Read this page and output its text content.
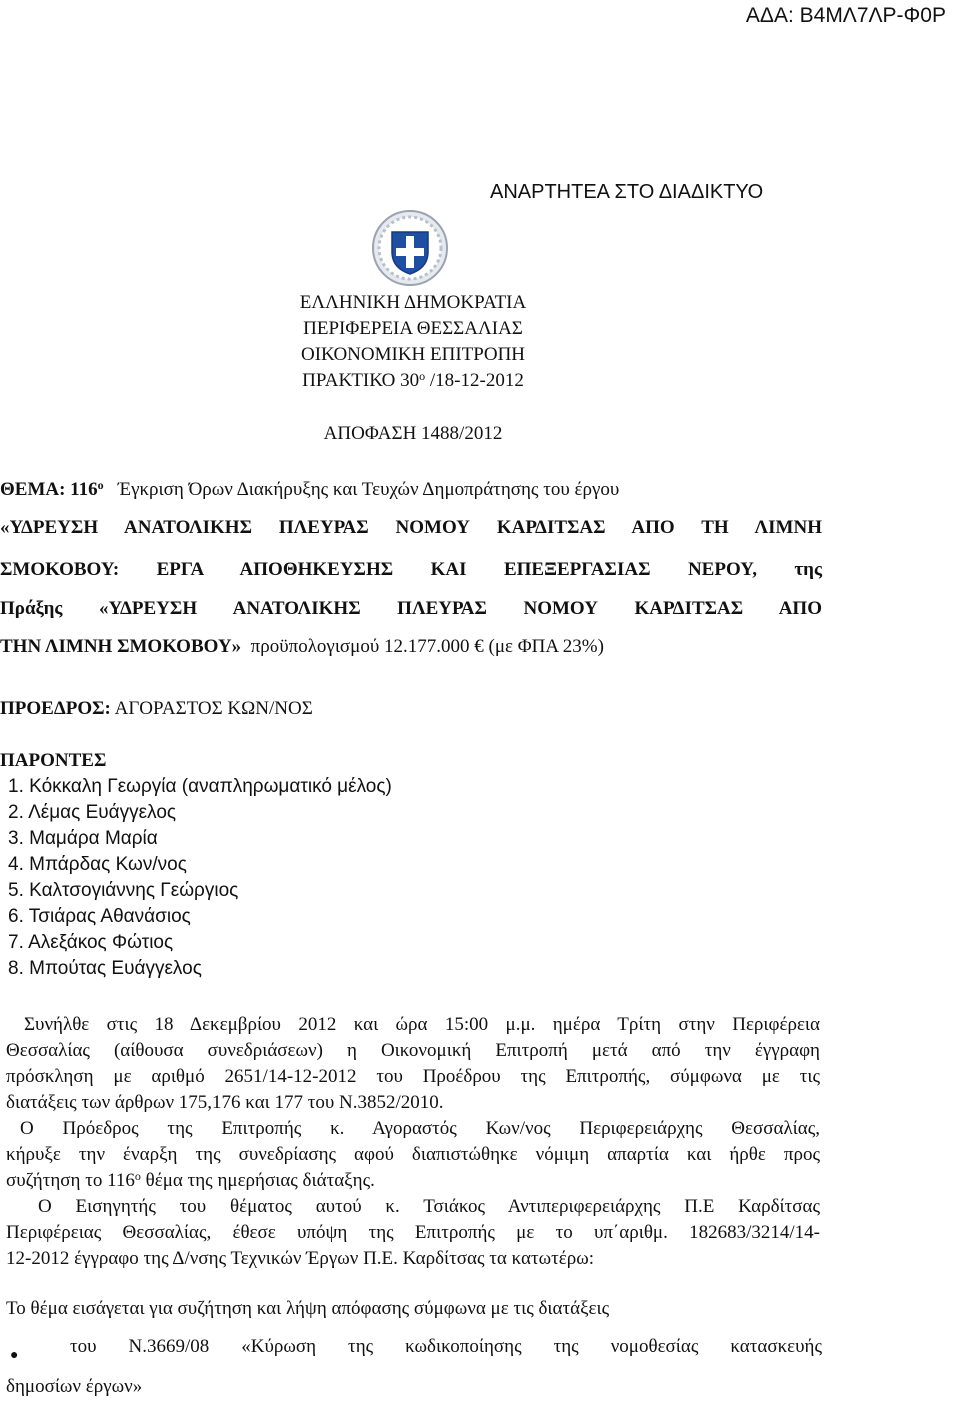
ΑΔΑ: Β4ΜΛ7ΛΡ-Φ0Ρ
ΑΝΑΡΤΗΤΕΑ ΣΤΟ ΔΙΑΔΙΚΤΥΟ
ΕΛΛΗΝΙΚΗ ΔΗΜΟΚΡΑΤΙΑ
ΠΕΡΙΦΕΡΕΙΑ ΘΕΣΣΑΛΙΑΣ
ΟΙΚΟΝΟΜΙΚΗ ΕΠΙΤΡΟΠΗ
ΠΡΑΚΤΙΚΟ $30^o$ /18-12-2012
ΑΠΟΦΑΣΗ 1488/2012
ΘΕΜΑ: $116^o$ Έγκριση Όρων Διακήρυξης και Τευχών Δημοπράτησης του έργου
«ΥΔΡΕΥΣΗ ΑΝΑΤΟΛΙΚΗΣ ΠΛΕΥΡΑΣ ΝΟΜΟΥ ΚΑΡΔΙΤΣΑΣ ΑΠΟ ΤΗ ΛΙΜΝΗ
ΣΜΟΚΟΒΟΥ: ΕΡΓΑ ΑΠΟΘΗΚΕΥΣΗΣ ΚΑΙ ΕΠΕΞΕΡΓΑΣΙΑΣ ΝΕΡΟΥ, της
Πράξης «ΥΔΡΕΥΣΗ ΑΝΑΤΟΛΙΚΗΣ ΠΛΕΥΡΑΣ ΝΟΜΟΥ ΚΑΡΔΙΤΣΑΣ ΑΠΟ
ΤΗΝ ΛΙΜΝΗ ΣΜΟΚΟΒΟΥ» προϋπολογισμού 12.177.000 € (με ΦΠΑ 23%)
ΠΡΟΕΔΡΟΣ: ΑΓΟΡΑΣΤΟΣ ΚΩΝ/ΝΟΣ
ΠΑΡΟΝΤΕΣ
1. Κόκκαλη Γεωργία (αναπληρωματικό μέλος)
2. Λέμας Ευάγγελος
3. Μαμάρα Μαρία
4. Μπάρδας Κων/νος
5. Καλτσογιάννης Γεώργιος
6. Τσιάρας Αθανάσιος
7. Αλεξάκος Φώτιος
8. Μπούτας Ευάγγελος
Συνήλθε στις 18 Δεκεμβρίου 2012 και ώρα 15:00 μ.μ. ημέρα Τρίτη στην Περιφέρεια
Θεσσαλίας (αίθουσα συνεδριάσεων) η Οικονομική Επιτροπή μετά από την έγγραφη
πρόσκληση με αριθμό 2651/14-12-2012 του Προέδρου της Επιτροπής, σύμφωνα με τις
διατάξεις των άρθρων 175,176 και 177 του Ν.3852/2010.
Ο Πρόεδρος της Επιτροπής κ. Αγοραστός Κων/νος Περιφερειάρχης Θεσσαλίας,
κήρυξε την έναρξη της συνεδρίασης αφού διαπιστώθηκε νόμιμη απαρτία και ήρθε προς
συζήτηση το $116^o$ θέμα της ημερήσιας διάταξης.
Ο Εισηγητής του θέματος αυτού κ. Τσιάκος Αντιπεριφερειάρχης Π.Ε Καρδίτσας
Περιφέρειας Θεσσαλίας, έθεσε υπόψη της Επιτροπής με το υπ΄αριθμ. 182683/3214/14-
12-2012 έγγραφο της Δ/νσης Τεχνικών Έργων Π.Ε. Καρδίτσας τα κατωτέρω:
Το θέμα εισάγεται για συζήτηση και λήψη απόφασης σύμφωνα με τις διατάξεις
●	του Ν.3669/08 «Κύρωση της κωδικοποίησης της νομοθεσίας κατασκευής
δημοσίων έργων»
